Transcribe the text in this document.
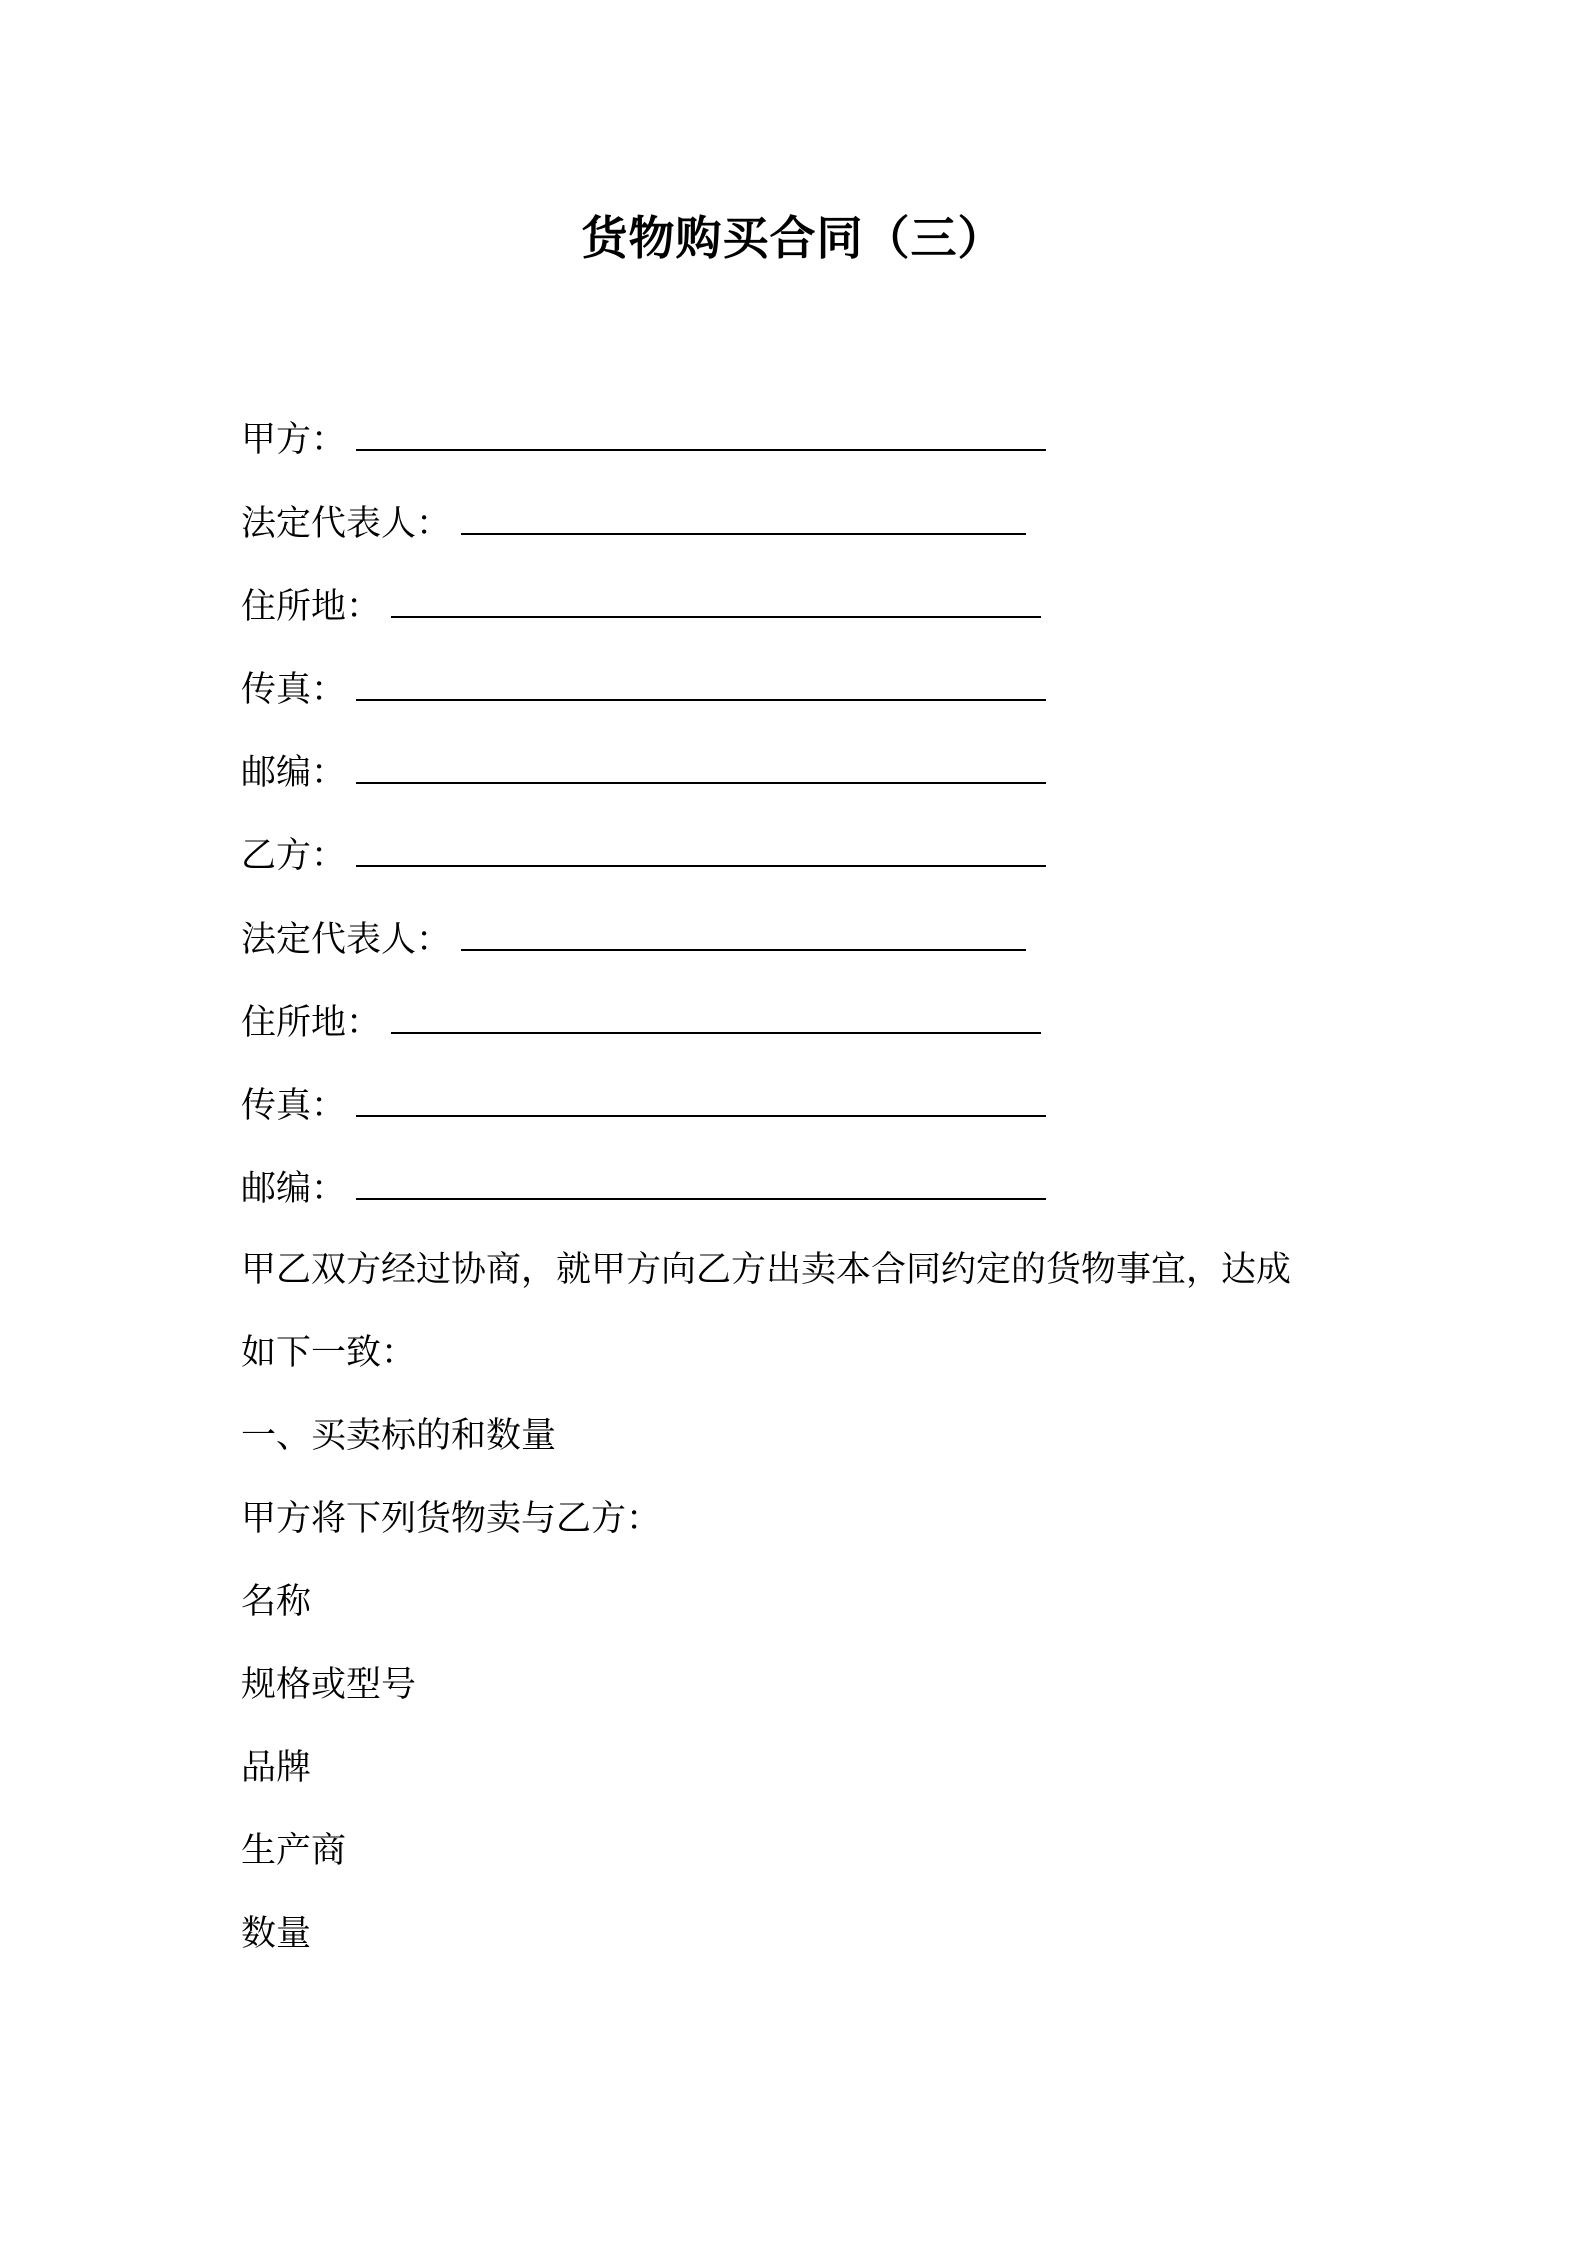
货物购买合同（三）
甲方：
法定代表人：
住所地：
传真：
邮编：
乙方：
法定代表人：
住所地：
传真：
邮编：
甲乙双方经过协商，就甲方向乙方出卖本合同约定的货物事宜，达成
如下一致：
一、买卖标的和数量
甲方将下列货物卖与乙方：
名称
规格或型号
品牌
生产商
数量
